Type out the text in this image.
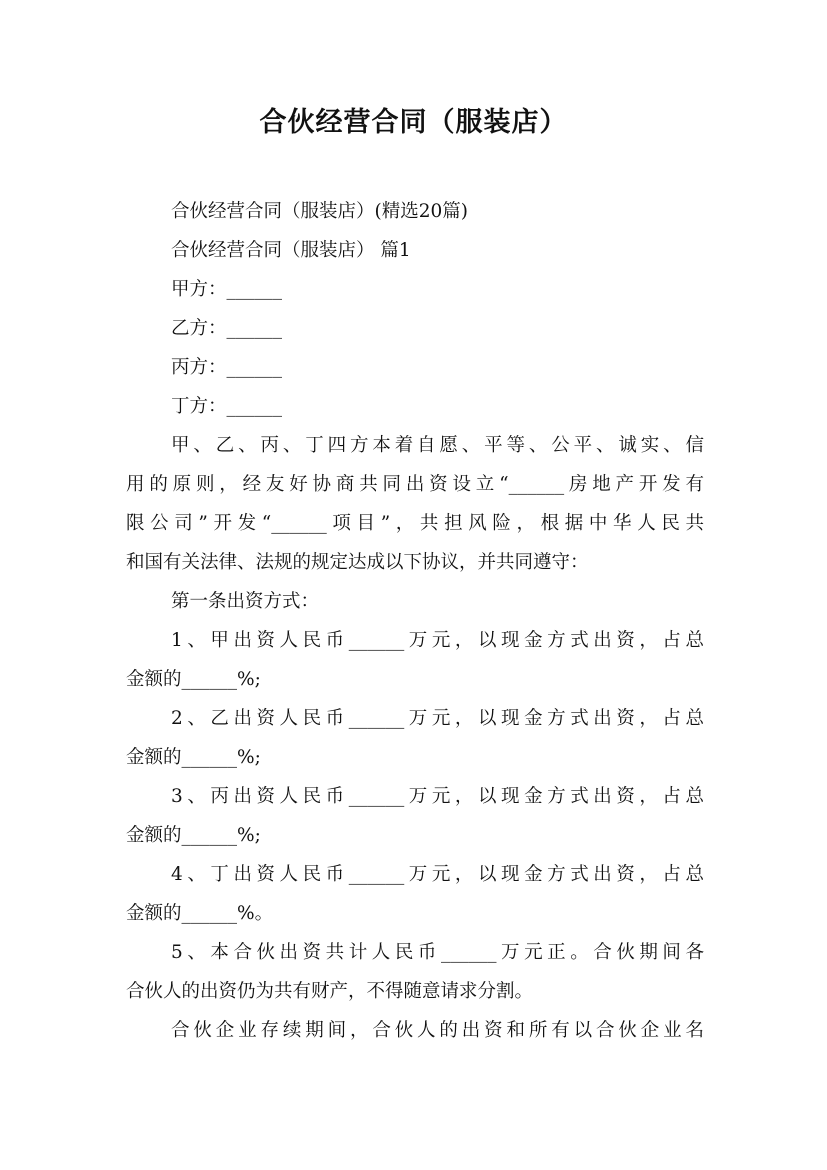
合伙经营合同（服装店）
合伙经营合同（服装店）(精选20篇)
合伙经营合同（服装店） 篇1
甲方：______
乙方：______
丙方：______
丁方：______
甲、乙、丙、丁四方本着自愿、平等、公平、诚实、信
用的原则，经友好协商共同出资设立“______房地产开发有
限公司”开发“______项目”，共担风险，根据中华人民共
和国有关法律、法规的规定达成以下协议，并共同遵守：
第一条出资方式：
1、甲出资人民币______万元，以现金方式出资，占总
金额的______%;
2、乙出资人民币______万元，以现金方式出资，占总
金额的______%;
3、丙出资人民币______万元，以现金方式出资，占总
金额的______%;
4、丁出资人民币______万元，以现金方式出资，占总
金额的______%。
5、本合伙出资共计人民币______万元正。合伙期间各
合伙人的出资仍为共有财产，不得随意请求分割。
合伙企业存续期间，合伙人的出资和所有以合伙企业名
